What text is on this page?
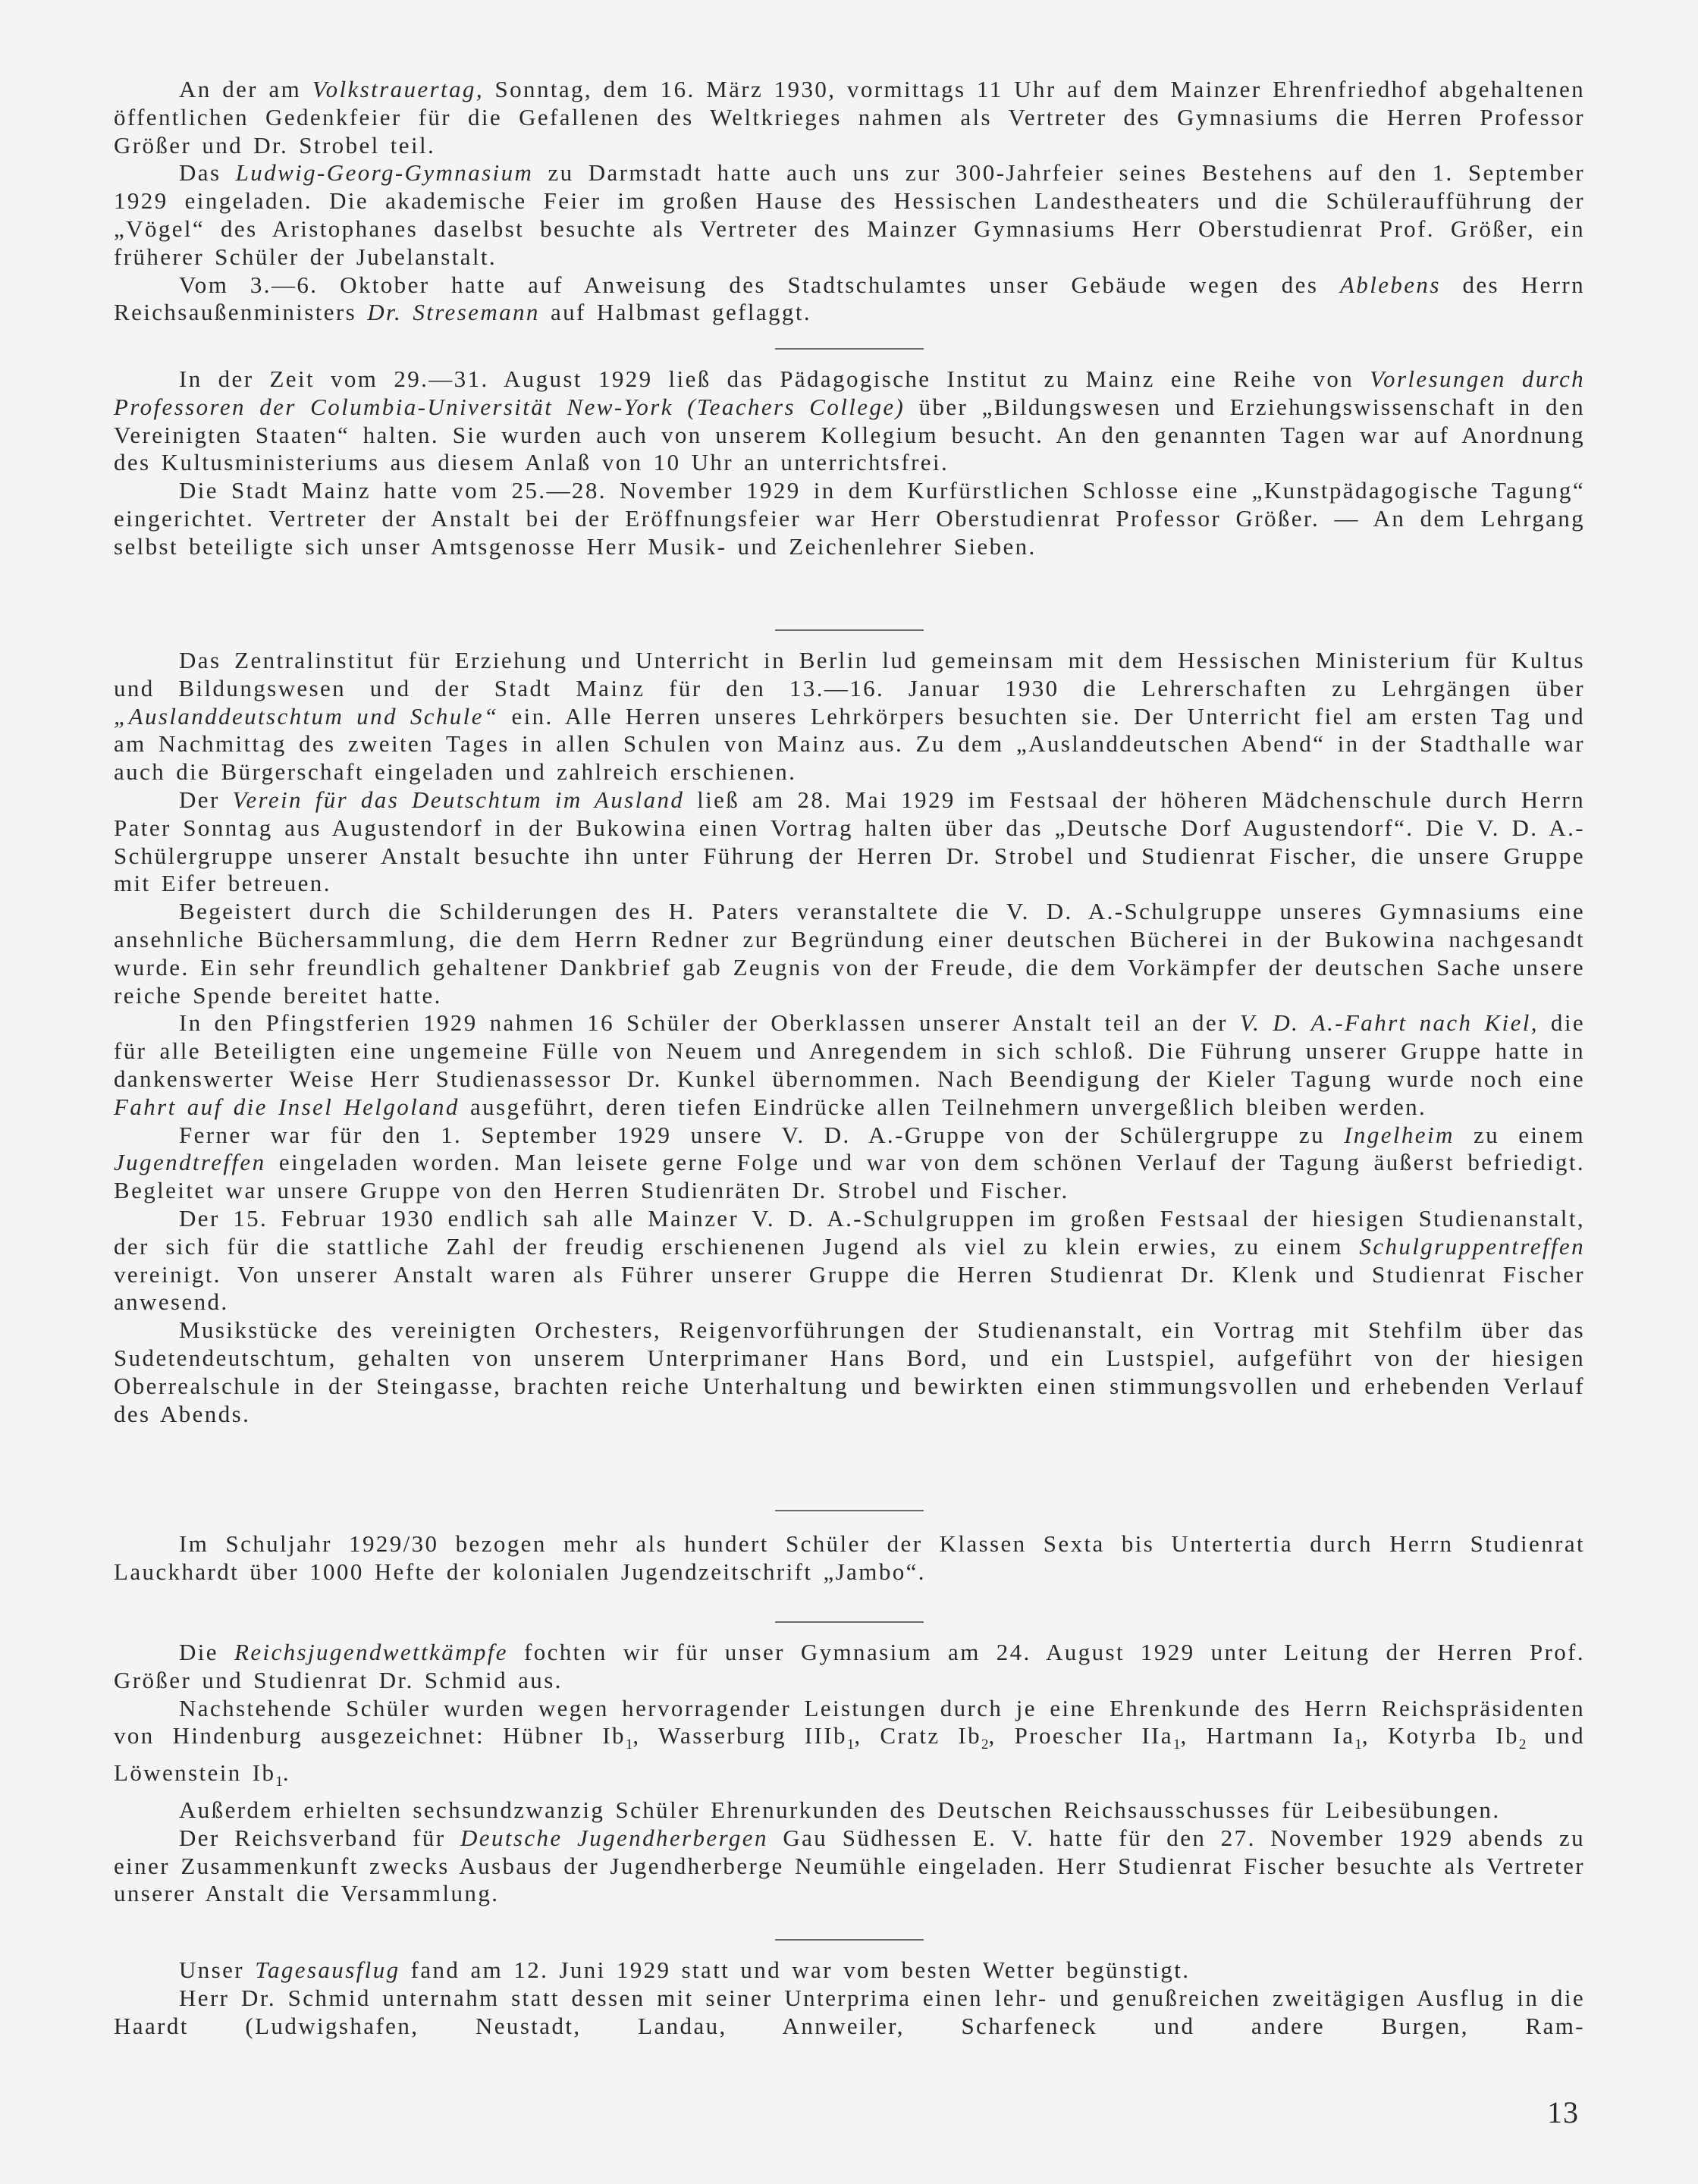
An der am Volkstrauertag, Sonntag, dem 16. März 1930, vormittags 11 Uhr auf dem Mainzer Ehrenfriedhof abgehaltenen öffentlichen Gedenkfeier für die Gefallenen des Weltkrieges nahmen als Vertreter des Gymnasiums die Herren Professor Größer und Dr. Strobel teil.

Das Ludwig-Georg-Gymnasium zu Darmstadt hatte auch uns zur 300-Jahrfeier seines Bestehens auf den 1. September 1929 eingeladen. Die akademische Feier im großen Hause des Hessischen Landestheaters und die Schüleraufführung der „Vögel“ des Aristophanes daselbst besuchte als Vertreter des Mainzer Gymnasiums Herr Oberstudienrat Prof. Größer, ein früherer Schüler der Jubelanstalt.

Vom 3.—6. Oktober hatte auf Anweisung des Stadtschulamtes unser Gebäude wegen des Ablebens des Herrn Reichsaußenministers Dr. Stresemann auf Halbmast geflaggt.

In der Zeit vom 29.—31. August 1929 ließ das Pädagogische Institut zu Mainz eine Reihe von Vorlesungen durch Professoren der Columbia-Universität New-York (Teachers College) über „Bildungswesen und Erziehungswissenschaft in den Vereinigten Staaten“ halten. Sie wurden auch von unserem Kollegium besucht. An den genannten Tagen war auf Anordnung des Kultusministeriums aus diesem Anlaß von 10 Uhr an unterrichtsfrei.

Die Stadt Mainz hatte vom 25.—28. November 1929 in dem Kurfürstlichen Schlosse eine „Kunstpädagogische Tagung“ eingerichtet. Vertreter der Anstalt bei der Eröffnungsfeier war Herr Oberstudienrat Professor Größer. — An dem Lehrgang selbst beteiligte sich unser Amtsgenosse Herr Musik- und Zeichenlehrer Sieben.

Das Zentralinstitut für Erziehung und Unterricht in Berlin lud gemeinsam mit dem Hessischen Ministerium für Kultus und Bildungswesen und der Stadt Mainz für den 13.—16. Januar 1930 die Lehrerschaften zu Lehrgängen über „Auslanddeutschtum und Schule“ ein. Alle Herren unseres Lehrkörpers besuchten sie. Der Unterricht fiel am ersten Tag und am Nachmittag des zweiten Tages in allen Schulen von Mainz aus. Zu dem „Auslanddeutschen Abend“ in der Stadthalle war auch die Bürgerschaft eingeladen und zahlreich erschienen.

Der Verein für das Deutschtum im Ausland ließ am 28. Mai 1929 im Festsaal der höheren Mädchenschule durch Herrn Pater Sonntag aus Augustendorf in der Bukowina einen Vortrag halten über das „Deutsche Dorf Augustendorf“. Die V. D. A.-Schülergruppe unserer Anstalt besuchte ihn unter Führung der Herren Dr. Strobel und Studienrat Fischer, die unsere Gruppe mit Eifer betreuen.

Begeistert durch die Schilderungen des H. Paters veranstaltete die V. D. A.-Schulgruppe unseres Gymnasiums eine ansehnliche Büchersammlung, die dem Herrn Redner zur Begründung einer deutschen Bücherei in der Bukowina nachgesandt wurde. Ein sehr freundlich gehaltener Dankbrief gab Zeugnis von der Freude, die dem Vorkämpfer der deutschen Sache unsere reiche Spende bereitet hatte.

In den Pfingstferien 1929 nahmen 16 Schüler der Oberklassen unserer Anstalt teil an der V. D. A.-Fahrt nach Kiel, die für alle Beteiligten eine ungemeine Fülle von Neuem und Anregendem in sich schloß. Die Führung unserer Gruppe hatte in dankenswerter Weise Herr Studienassessor Dr. Kunkel übernommen. Nach Beendigung der Kieler Tagung wurde noch eine Fahrt auf die Insel Helgoland ausgeführt, deren tiefen Eindrücke allen Teilnehmern unvergeßlich bleiben werden.

Ferner war für den 1. September 1929 unsere V. D. A.-Gruppe von der Schülergruppe zu Ingelheim zu einem Jugendtreffen eingeladen worden. Man leisete gerne Folge und war von dem schönen Verlauf der Tagung äußerst befriedigt. Begleitet war unsere Gruppe von den Herren Studienräten Dr. Strobel und Fischer.

Der 15. Februar 1930 endlich sah alle Mainzer V. D. A.-Schulgruppen im großen Festsaal der hiesigen Studienanstalt, der sich für die stattliche Zahl der freudig erschienenen Jugend als viel zu klein erwies, zu einem Schulgruppentreffen vereinigt. Von unserer Anstalt waren als Führer unserer Gruppe die Herren Studienrat Dr. Klenk und Studienrat Fischer anwesend.

Musikstücke des vereinigten Orchesters, Reigenvorführungen der Studienanstalt, ein Vortrag mit Stehfilm über das Sudetendeutschtum, gehalten von unserem Unterprimaner Hans Bord, und ein Lustspiel, aufgeführt von der hiesigen Oberrealschule in der Steingasse, brachten reiche Unterhaltung und bewirkten einen stimmungsvollen und erhebenden Verlauf des Abends.

Im Schuljahr 1929/30 bezogen mehr als hundert Schüler der Klassen Sexta bis Untertertia durch Herrn Studienrat Lauckhardt über 1000 Hefte der kolonialen Jugendzeitschrift „Jambo“.

Die Reichsjugendwettkämpfe fochten wir für unser Gymnasium am 24. August 1929 unter Leitung der Herren Prof. Größer und Studienrat Dr. Schmid aus.

Nachstehende Schüler wurden wegen hervorragender Leistungen durch je eine Ehrenkunde des Herrn Reichspräsidenten von Hindenburg ausgezeichnet: Hübner $Ib_1$, Wasserburg IIIb$_1$, Cratz $Ib_2$, Proescher IIa$_1$, Hartmann $Ia_1$, Kotyrba $Ib_2$ und Löwenstein $Ib_1$.

Außerdem erhielten sechsundzwanzig Schüler Ehrenurkunden des Deutschen Reichsausschusses für Leibesübungen.

Der Reichsverband für Deutsche Jugendherbergen Gau Südhessen E. V. hatte für den 27. November 1929 abends zu einer Zusammenkunft zwecks Ausbaus der Jugendherberge Neumühle eingeladen. Herr Studienrat Fischer besuchte als Vertreter unserer Anstalt die Versammlung.

Unser Tagesausflug fand am 12. Juni 1929 statt und war vom besten Wetter begünstigt.

Herr Dr. Schmid unternahm statt dessen mit seiner Unterprima einen lehr- und genußreichen zweitägigen Ausflug in die Haardt (Ludwigshafen, Neustadt, Landau, Annweiler, Scharfeneck und andere Burgen, Ram-

13
